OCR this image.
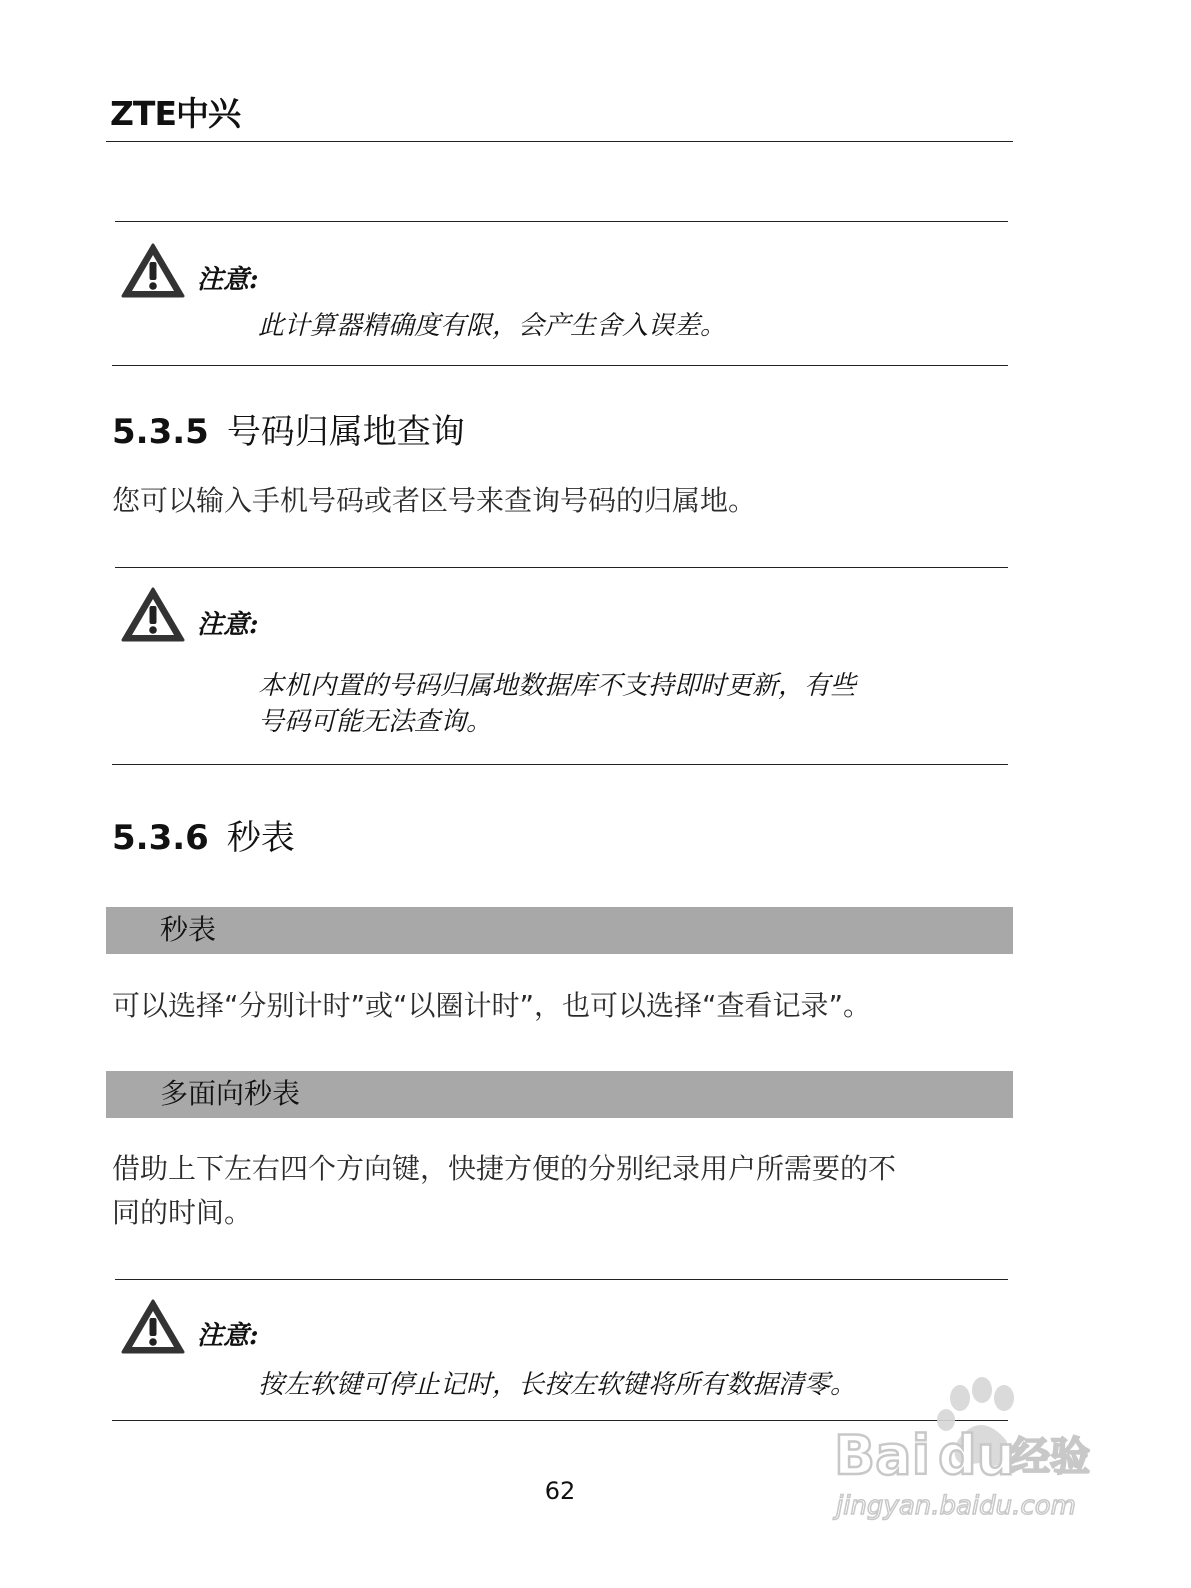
ZTE中兴
注意:
此计算器精确度有限，会产生舍入误差。
5.3.5 号码归属地查询
您可以输入手机号码或者区号来查询号码的归属地。
注意:
本机内置的号码归属地数据库不支持即时更新，有些
号码可能无法查询。
5.3.6 秒表
秒表
可以选择“分别计时”或“以圈计时”，也可以选择“查看记录”。
多面向秒表
借助上下左右四个方向键，快捷方便的分别纪录用户所需要的不
同的时间。
注意:
按左软键可停止记时，长按左软键将所有数据清零。
62
Bai du
经验
jingyan.baidu.com
